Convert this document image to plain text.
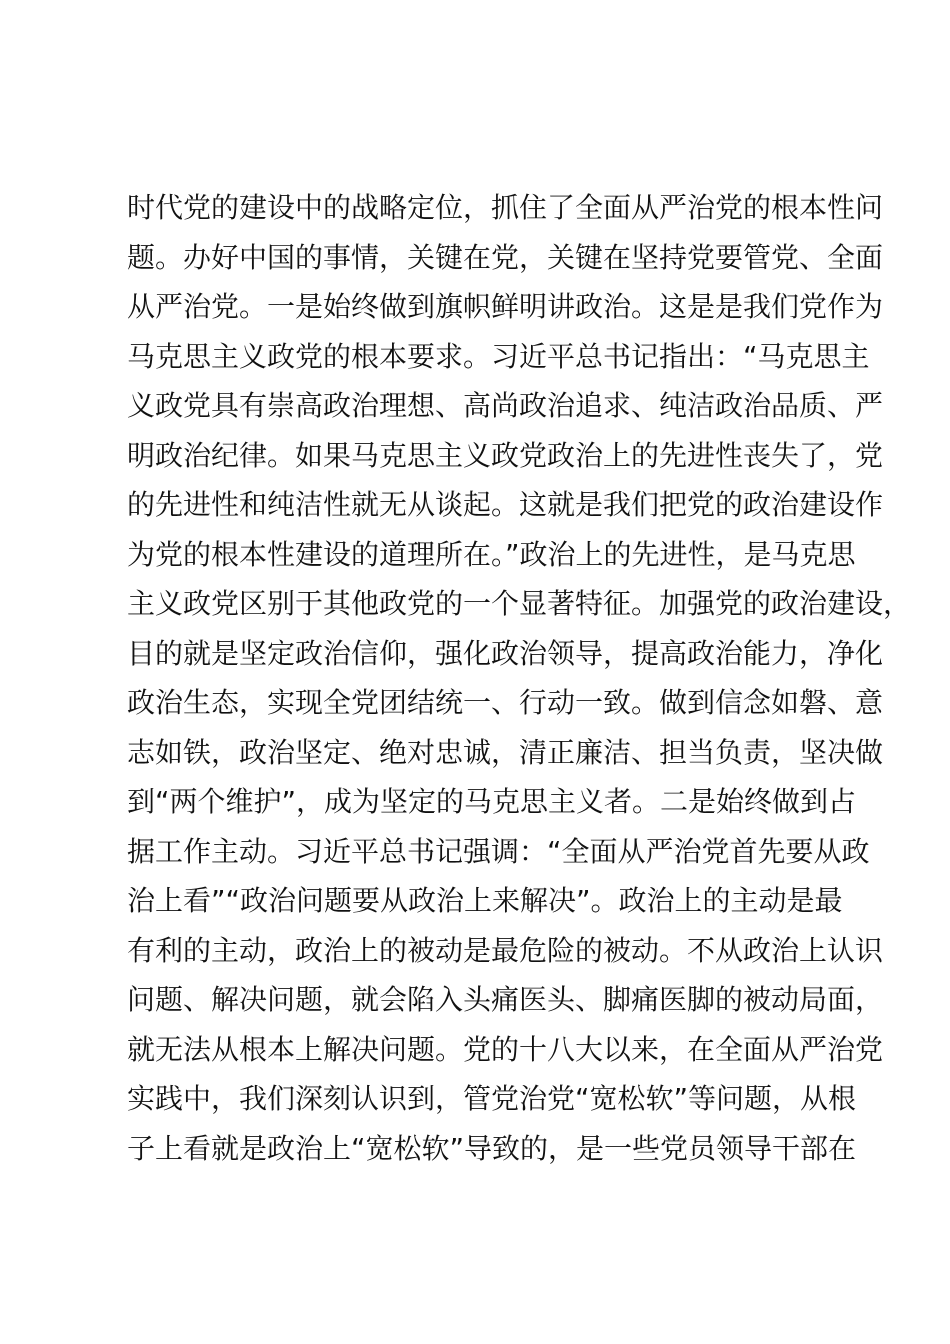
时代党的建设中的战略定位，抓住了全面从严治党的根本性问
题。办好中国的事情，关键在党，关键在坚持党要管党、全面
从严治党。一是始终做到旗帜鲜明讲政治。这是是我们党作为
马克思主义政党的根本要求。习近平总书记指出：“马克思主
义政党具有崇高政治理想、高尚政治追求、纯洁政治品质、严
明政治纪律。如果马克思主义政党政治上的先进性丧失了，党
的先进性和纯洁性就无从谈起。这就是我们把党的政治建设作
为党的根本性建设的道理所在。”政治上的先进性，是马克思
主义政党区别于其他政党的一个显著特征。加强党的政治建设，
目的就是坚定政治信仰，强化政治领导，提高政治能力，净化
政治生态，实现全党团结统一、行动一致。做到信念如磐、意
志如铁，政治坚定、绝对忠诚，清正廉洁、担当负责，坚决做
到“两个维护”，成为坚定的马克思主义者。二是始终做到占
据工作主动。习近平总书记强调：“全面从严治党首先要从政
治上看”“政治问题要从政治上来解决”。政治上的主动是最
有利的主动，政治上的被动是最危险的被动。不从政治上认识
问题、解决问题，就会陷入头痛医头、脚痛医脚的被动局面，
就无法从根本上解决问题。党的十八大以来，在全面从严治党
实践中，我们深刻认识到，管党治党“宽松软”等问题，从根
子上看就是政治上“宽松软”导致的，是一些党员领导干部在
